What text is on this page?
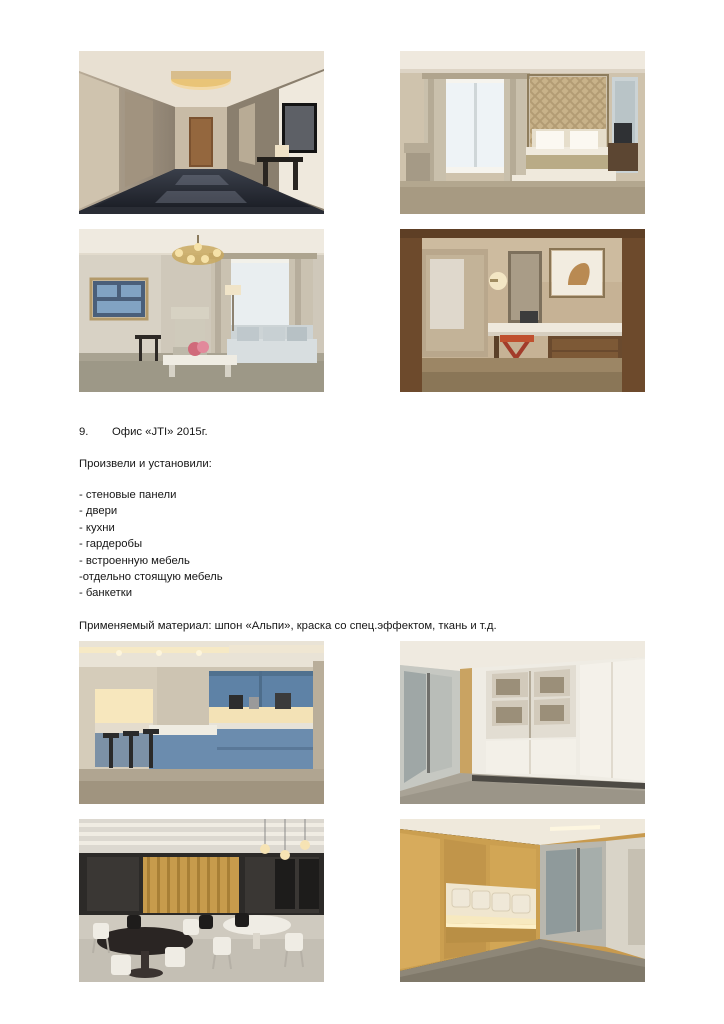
9.	Офис «JTI» 2015г.

Произвели и установили:

- стеновые панели

- двери

- кухни

- гардеробы

- встроенную мебель

-отдельно стоящую мебель

- банкетки

Применяемый материал: шпон «Альпи», краска со спец.эффектом, ткань и т.д.
